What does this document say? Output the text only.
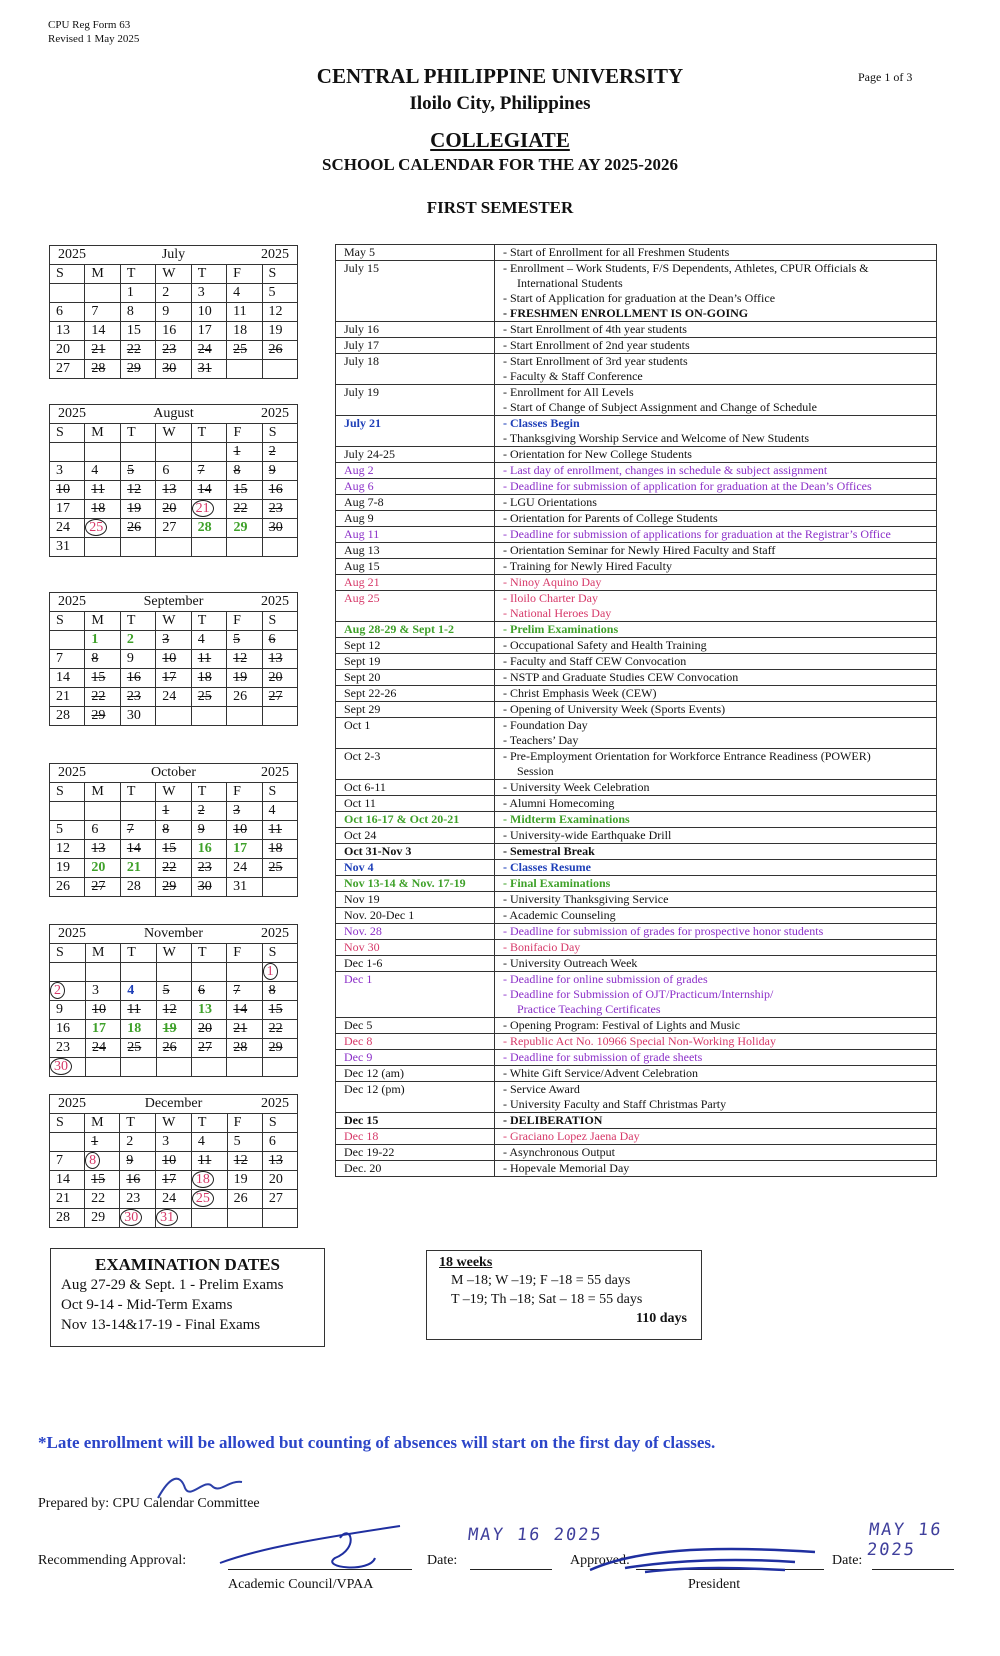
CPU Reg Form 63
Revised 1 May 2025
Page 1 of 3
CENTRAL PHILIPPINE UNIVERSITY
Iloilo City, Philippines
COLLEGIATE
SCHOOL CALENDAR FOR THE AY 2025-2026
FIRST SEMESTER
2025 July 2025						

S	M	T	W	T	F	S
		1	2	3	4	5
6	7	8	9	10	11	12
13	14	15	16	17	18	19
20	21	22	23	24	25	26
27	28	29	30	31		
2025 August 2025						

S	M	T	W	T	F	S
					1	2
3	4	5	6	7	8	9
10	11	12	13	14	15	16
17	18	19	20	21	22	23
24	25	26	27	28	29	30
31						
2025 September 2025						

S	M	T	W	T	F	S
	1	2	3	4	5	6
7	8	9	10	11	12	13
14	15	16	17	18	19	20
21	22	23	24	25	26	27
28	29	30				
2025 October 2025						

S	M	T	W	T	F	S
			1	2	3	4
5	6	7	8	9	10	11
12	13	14	15	16	17	18
19	20	21	22	23	24	25
26	27	28	29	30	31	
2025 November 2025						

S	M	T	W	T	F	S
						1
2	3	4	5	6	7	8
9	10	11	12	13	14	15
16	17	18	19	20	21	22
23	24	25	26	27	28	29
30						
2025 December 2025						

S	M	T	W	T	F	S
	1	2	3	4	5	6
7	8	9	10	11	12	13
14	15	16	17	18	19	20
21	22	23	24	25	26	27
28	29	30	31			
May 5	- Start of Enrollment for all Freshmen Students

July 15	- Enrollment – Work Students, F/S Dependents, Athletes, CPUR Officials &
International Students
- Start of Application for graduation at the Dean’s Office
- FRESHMEN ENROLLMENT IS ON-GOING

July 16	- Start Enrollment of 4th year students

July 17	- Start Enrollment of 2nd year students

July 18	- Start Enrollment of 3rd year students
- Faculty & Staff Conference

July 19	- Enrollment for All Levels
- Start of Change of Subject Assignment and Change of Schedule

July 21	- Classes Begin
- Thanksgiving Worship Service and Welcome of New Students

July 24-25	- Orientation for New College Students

Aug 2	- Last day of enrollment, changes in schedule & subject assignment

Aug 6	- Deadline for submission of application for graduation at the Dean’s Offices

Aug 7-8	- LGU Orientations

Aug 9	- Orientation for Parents of College Students

Aug 11	- Deadline for submission of applications for graduation at the Registrar’s Office

Aug 13	- Orientation Seminar for Newly Hired Faculty and Staff

Aug 15	- Training for Newly Hired Faculty

Aug 21	- Ninoy Aquino Day

Aug 25	- Iloilo Charter Day
- National Heroes Day

Aug 28-29 & Sept 1-2	- Prelim Examinations

Sept 12	- Occupational Safety and Health Training

Sept 19	- Faculty and Staff CEW Convocation

Sept 20	- NSTP and Graduate Studies CEW Convocation

Sept 22-26	- Christ Emphasis Week (CEW)

Sept 29	- Opening of University Week (Sports Events)

Oct 1	- Foundation Day
- Teachers’ Day

Oct 2-3	- Pre-Employment Orientation for Workforce Entrance Readiness (POWER)
Session

Oct 6-11	- University Week Celebration

Oct 11	- Alumni Homecoming

Oct 16-17 & Oct 20-21	- Midterm Examinations

Oct 24	- University-wide Earthquake Drill

Oct 31-Nov 3	- Semestral Break

Nov 4	- Classes Resume

Nov 13-14 & Nov. 17-19	- Final Examinations

Nov 19	- University Thanksgiving Service

Nov. 20-Dec 1	- Academic Counseling

Nov. 28	- Deadline for submission of grades for prospective honor students

Nov 30	- Bonifacio Day

Dec 1-6	- University Outreach Week

Dec 1	- Deadline for online submission of grades
- Deadline for Submission of OJT/Practicum/Internship/
Practice Teaching Certificates

Dec 5	- Opening Program: Festival of Lights and Music

Dec 8	- Republic Act No. 10966 Special Non-Working Holiday

Dec 9	- Deadline for submission of grade sheets

Dec 12 (am)	- White Gift Service/Advent Celebration

Dec 12 (pm)	- Service Award
- University Faculty and Staff Christmas Party

Dec 15	- DELIBERATION

Dec 18	- Graciano Lopez Jaena Day

Dec 19-22	- Asynchronous Output

Dec. 20	- Hopevale Memorial Day
EXAMINATION DATES
Aug 27-29 & Sept. 1 - Prelim Exams
Oct 9-14 - Mid-Term Exams
Nov 13-14&17-19 - Final Exams
18 weeks
M –18; W –19; F –18 = 55 days
T –19; Th –18; Sat – 18 = 55 days
110 days
*Late enrollment will be allowed but counting of absences will start on the first day of classes.
Prepared by: CPU Calendar Committee
Recommending Approval:
Academic Council/VPAA
Date:
MAY 16 2025
Approved:
President
Date:
MAY 16 2025
